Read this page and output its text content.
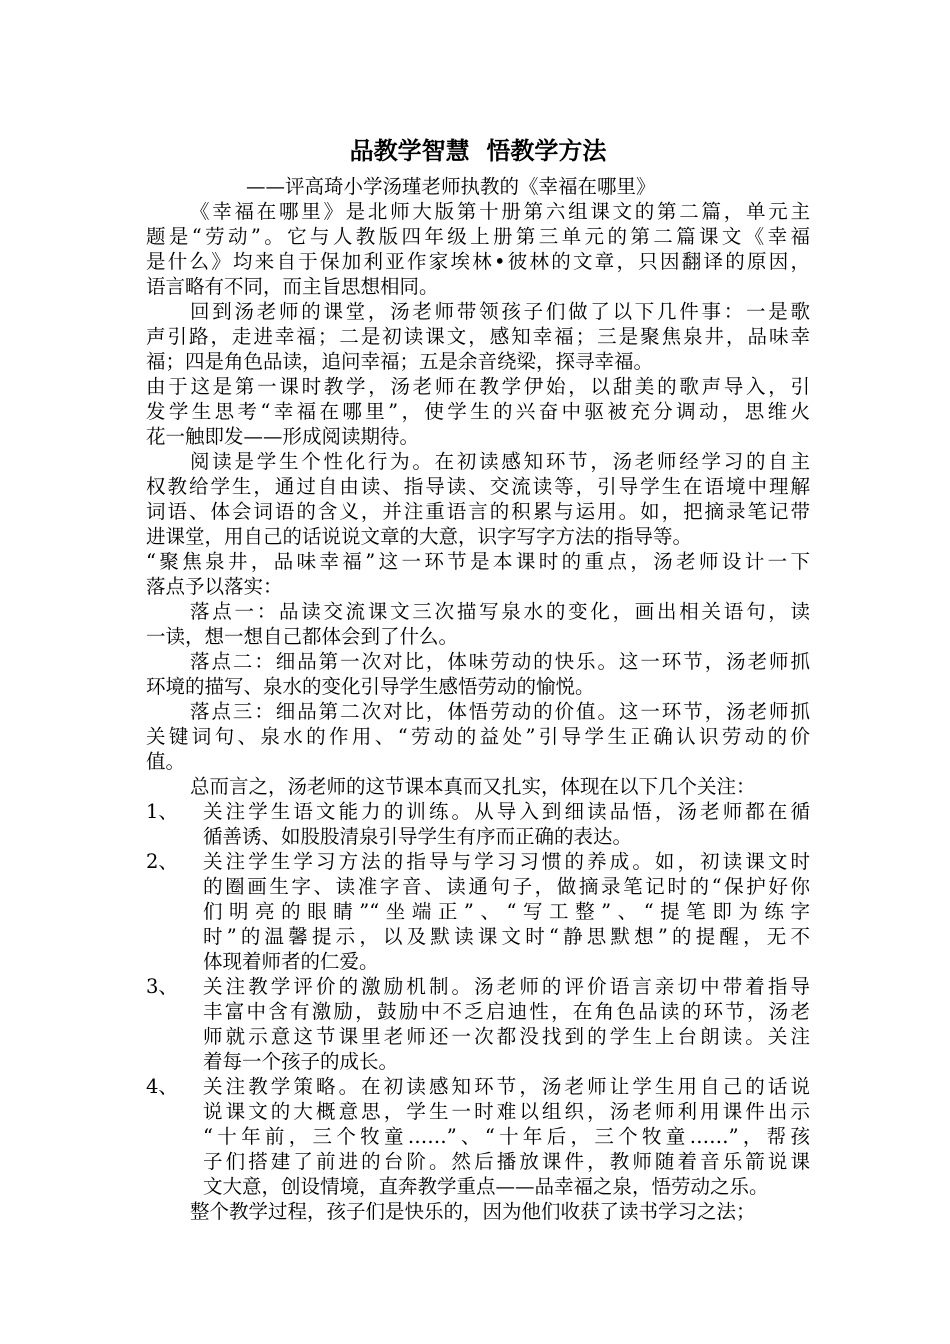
品教学智慧  悟教学方法
——评高琦小学汤瑾老师执教的《幸福在哪里》
《幸福在哪里》是北师大版第十册第六组课文的第二篇，单元主
题是“劳动”。它与人教版四年级上册第三单元的第二篇课文《幸福
是什么》均来自于保加利亚作家埃林•彼林的文章，只因翻译的原因，
语言略有不同，而主旨思想相同。
回到汤老师的课堂，汤老师带领孩子们做了以下几件事：一是歌
声引路，走进幸福；二是初读课文，感知幸福；三是聚焦泉井，品味幸
福；四是角色品读，追问幸福；五是余音绕梁，探寻幸福。
由于这是第一课时教学，汤老师在教学伊始，以甜美的歌声导入，引
发学生思考“幸福在哪里”，使学生的兴奋中驱被充分调动，思维火
花一触即发——形成阅读期待。
阅读是学生个性化行为。在初读感知环节，汤老师经学习的自主
权教给学生，通过自由读、指导读、交流读等，引导学生在语境中理解
词语、体会词语的含义，并注重语言的积累与运用。如，把摘录笔记带
进课堂，用自己的话说说文章的大意，识字写字方法的指导等。
“聚焦泉井，品味幸福”这一环节是本课时的重点，汤老师设计一下
落点予以落实：
落点一：品读交流课文三次描写泉水的变化，画出相关语句，读
一读，想一想自己都体会到了什么。
落点二：细品第一次对比，体味劳动的快乐。这一环节，汤老师抓
环境的描写、泉水的变化引导学生感悟劳动的愉悦。
落点三：细品第二次对比，体悟劳动的价值。这一环节，汤老师抓
关键词句、泉水的作用、“劳动的益处”引导学生正确认识劳动的价
值。
总而言之，汤老师的这节课本真而又扎实，体现在以下几个关注：
1、 关注学生语文能力的训练。从导入到细读品悟，汤老师都在循
循善诱、如股股清泉引导学生有序而正确的表达。
2、 关注学生学习方法的指导与学习习惯的养成。如，初读课文时
的圈画生字、读准字音、读通句子，做摘录笔记时的“保护好你
们明亮的眼睛”“坐端正”、“写工整”、“提笔即为练字
时”的温馨提示，以及默读课文时“静思默想”的提醒，无不
体现着师者的仁爱。
3、 关注教学评价的激励机制。汤老师的评价语言亲切中带着指导
丰富中含有激励，鼓励中不乏启迪性，在角色品读的环节，汤老
师就示意这节课里老师还一次都没找到的学生上台朗读。关注
着每一个孩子的成长。
4、 关注教学策略。在初读感知环节，汤老师让学生用自己的话说
说课文的大概意思，学生一时难以组织，汤老师利用课件出示
“十年前，三个牧童……”、“十年后，三个牧童……”，帮孩
子们搭建了前进的台阶。然后播放课件，教师随着音乐箭说课
文大意，创设情境，直奔教学重点——品幸福之泉，悟劳动之乐。
整个教学过程，孩子们是快乐的，因为他们收获了读书学习之法；
